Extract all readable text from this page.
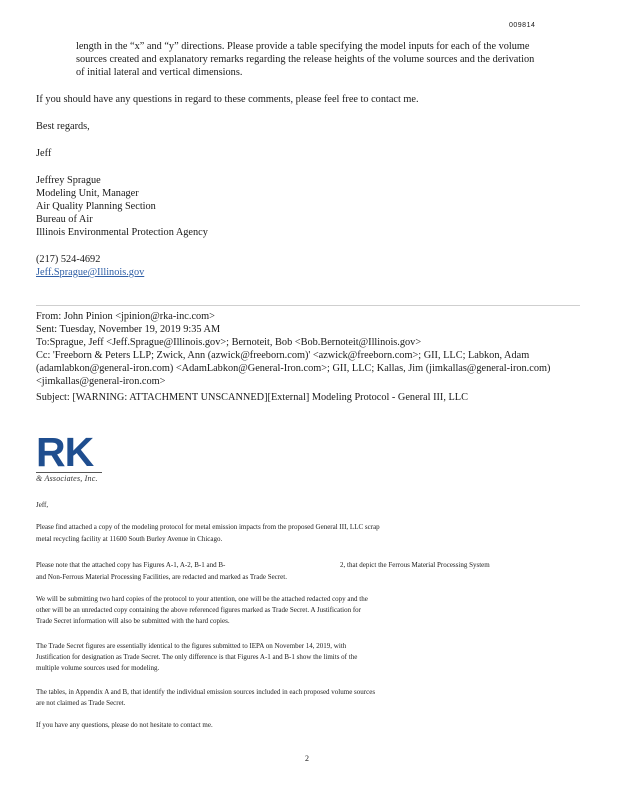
009814
length in the “x” and “y” directions. Please provide a table specifying the model inputs for each of the volume
sources created and explanatory remarks regarding the release heights of the volume sources and the derivation
of initial lateral and vertical dimensions.
If you should have any questions in regard to these comments, please feel free to contact me.
Best regards,
Jeff
Jeffrey Sprague
Modeling Unit, Manager
Air Quality Planning Section
Bureau of Air
Illinois Environmental Protection Agency
(217) 524-4692
Jeff.Sprague@Illinois.gov
From: John Pinion <jpinion@rka-inc.com>
Sent: Tuesday, November 19, 2019 9:35 AM
To:Sprague, Jeff <Jeff.Sprague@Illinois.gov>; Bernoteit, Bob <Bob.Bernoteit@Illinois.gov>
Cc: 'Freeborn & Peters LLP; Zwick, Ann (azwick@freeborn.com)' <azwick@freeborn.com>; GII, LLC; Labkon, Adam
(adamlabkon@general-iron.com) <AdamLabkon@General-Iron.com>; GII, LLC; Kallas, Jim (jimkallas@general-iron.com)
<jimkallas@general-iron.com>
Subject: [WARNING: ATTACHMENT UNSCANNED][External] Modeling Protocol - General III, LLC
RK
& Associates, Inc.
Jeff,
Please find attached a copy of the modeling protocol for metal emission impacts from the proposed General III, LLC scrap
metal recycling facility at 11600 South Burley Avenue in Chicago.
Please note that the attached copy has Figures A-1, A-2, B-1 and B-	2, that depict the Ferrous Material Processing System
and Non-Ferrous Material Processing Facilities, are redacted and marked as Trade Secret.
We will be submitting two hard copies of the protocol to your attention, one will be the attached redacted copy and the
other will be an unredacted copy containing the above referenced figures marked as Trade Secret. A Justification for
Trade Secret information will also be submitted with the hard copies.
The Trade Secret figures are essentially identical to the figures submitted to IEPA on November 14, 2019, with
Justification for designation as Trade Secret. The only difference is that Figures A-1 and B-1 show the limits of the
multiple volume sources used for modeling.
The tables, in Appendix A and B, that identify the individual emission sources included in each proposed volume sources
are not claimed as Trade Secret.
If you have any questions, please do not hesitate to contact me.
2
